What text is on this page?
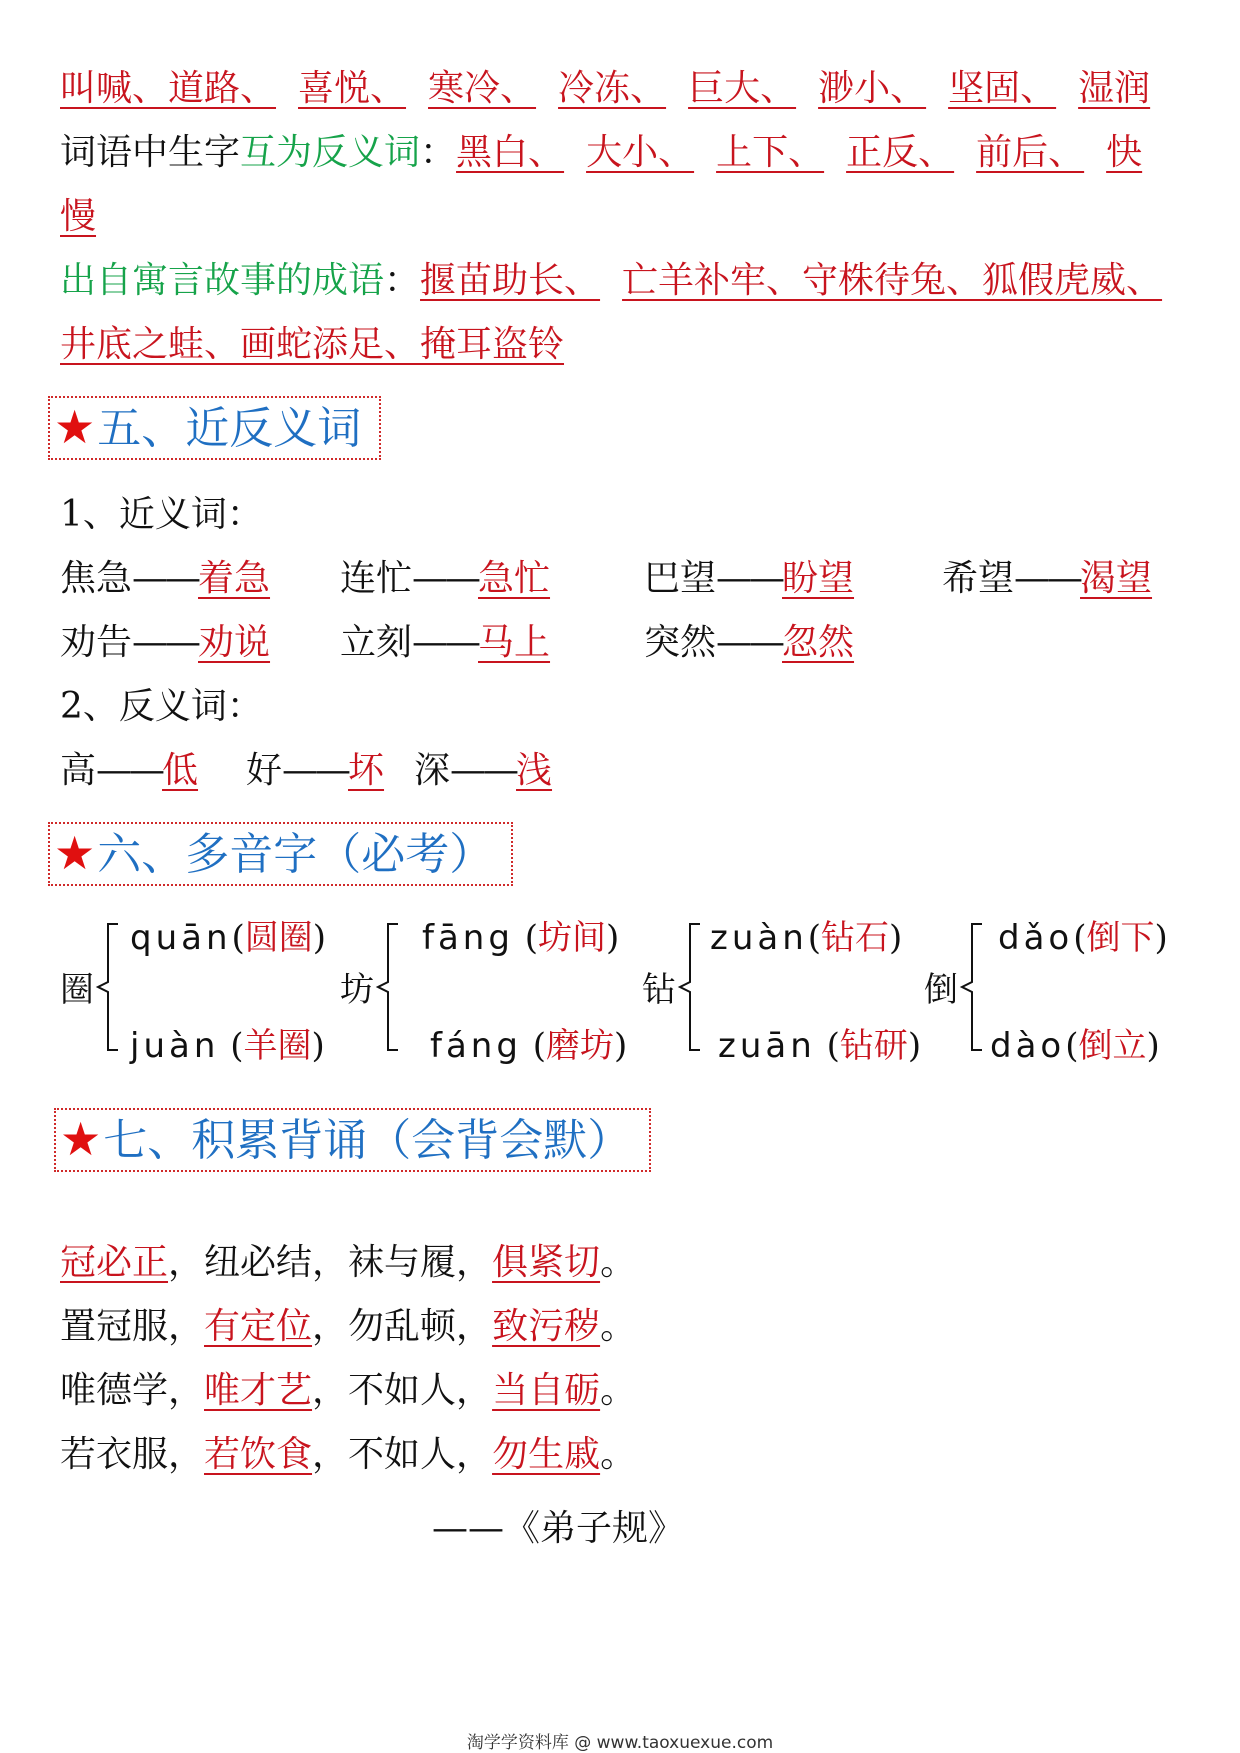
叫喊、道路、 喜悦、 寒冷、 冷冻、 巨大、 渺小、 坚固、 湿润
词语中生字互为反义词：黑白、 大小、 上下、 正反、 前后、 快
慢
出自寓言故事的成语：揠苗助长、 亡羊补牢、守株待兔、狐假虎威、
井底之蛙、画蛇添足、掩耳盗铃
★五、近反义词
1、近义词：
焦急——着急 连忙——急忙	巴望——盼望 希望——渴望
劝告——劝说 立刻——马上	突然——忽然
2、反义词：
高——低 好——坏 深——浅
★六、多音字（必考）
圈
quān(圆圈)
juàn (羊圈)
坊
fāng (坊间)
fáng (磨坊)
钻
zuàn(钻石)
zuān (钻研)
倒
dǎo(倒下)
dào(倒立)
★七、积累背诵（会背会默）
冠必正，纽必结，袜与履，俱紧切。
置冠服，有定位，勿乱顿，致污秽。
唯德学，唯才艺，不如人，当自砺。
若衣服，若饮食，不如人，勿生戚。
——《弟子规》
淘学学资料库 @ www.taoxuexue.com
